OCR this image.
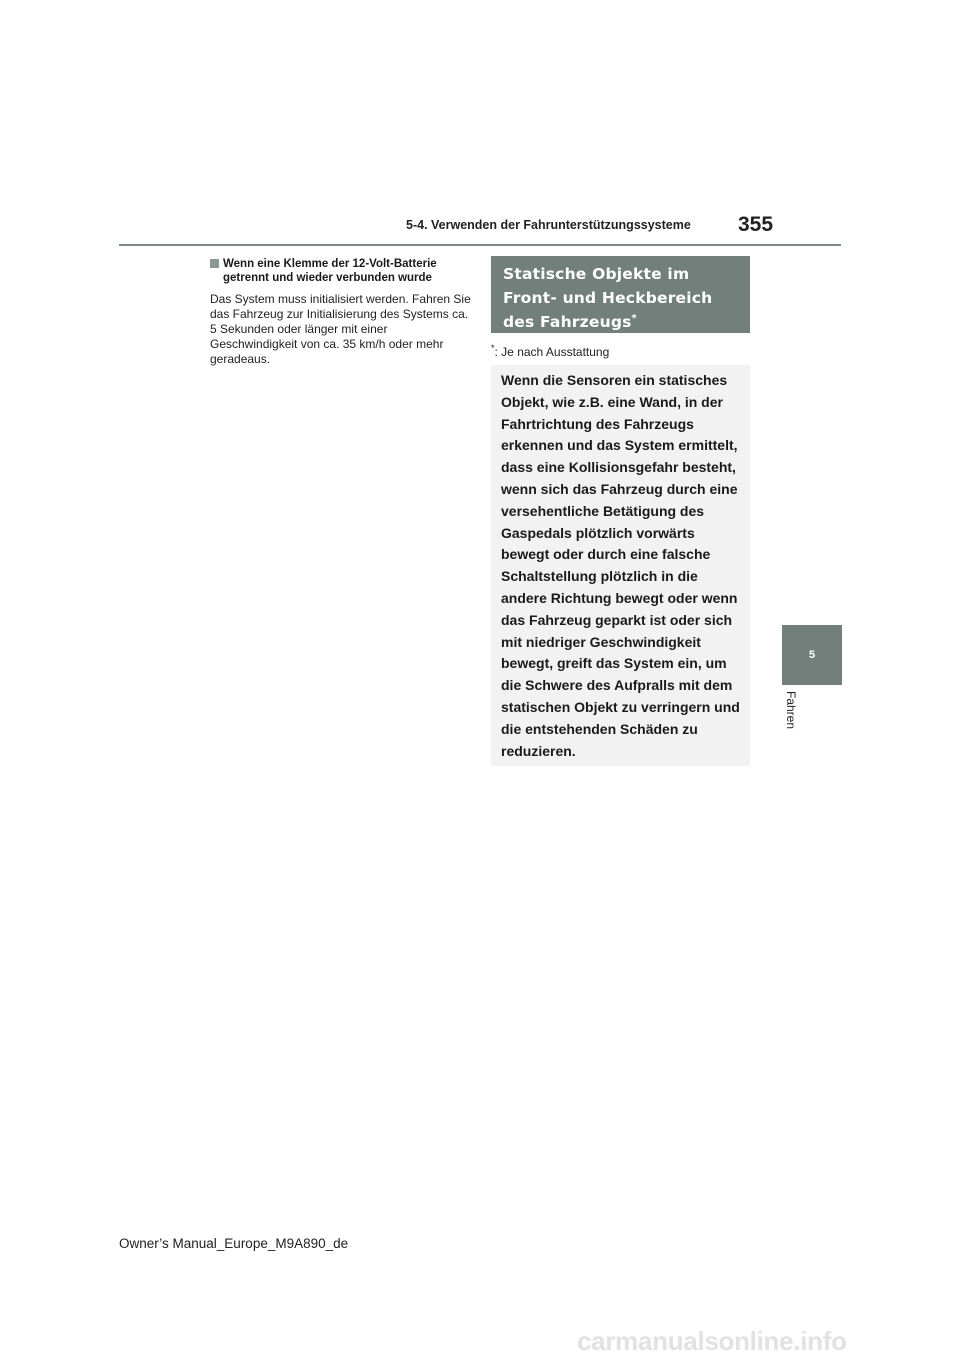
5-4. Verwenden der Fahrunterstützungssysteme 355
5
Fahren
Wenn eine Klemme der 12-Volt-Batterie getrennt und wieder verbunden wurde
Das System muss initialisiert werden. Fahren Sie das Fahrzeug zur Initialisierung des Systems ca. 5 Sekunden oder länger mit einer Geschwindigkeit von ca. 35 km/h oder mehr geradeaus.
Statische Objekte im Front- und Heckbereich des Fahrzeugs*
*: Je nach Ausstattung
Wenn die Sensoren ein statisches Objekt, wie z.B. eine Wand, in der Fahrtrichtung des Fahrzeugs erkennen und das System ermittelt, dass eine Kollisionsgefahr besteht, wenn sich das Fahrzeug durch eine versehentliche Betätigung des Gaspedals plötzlich vorwärts bewegt oder durch eine falsche Schaltstellung plötzlich in die andere Richtung bewegt oder wenn das Fahrzeug geparkt ist oder sich mit niedriger Geschwindigkeit bewegt, greift das System ein, um die Schwere des Aufpralls mit dem statischen Objekt zu verringern und die entstehenden Schäden zu reduzieren.
Owner’s Manual_Europe_M9A890_de
carmanualsonline.info
